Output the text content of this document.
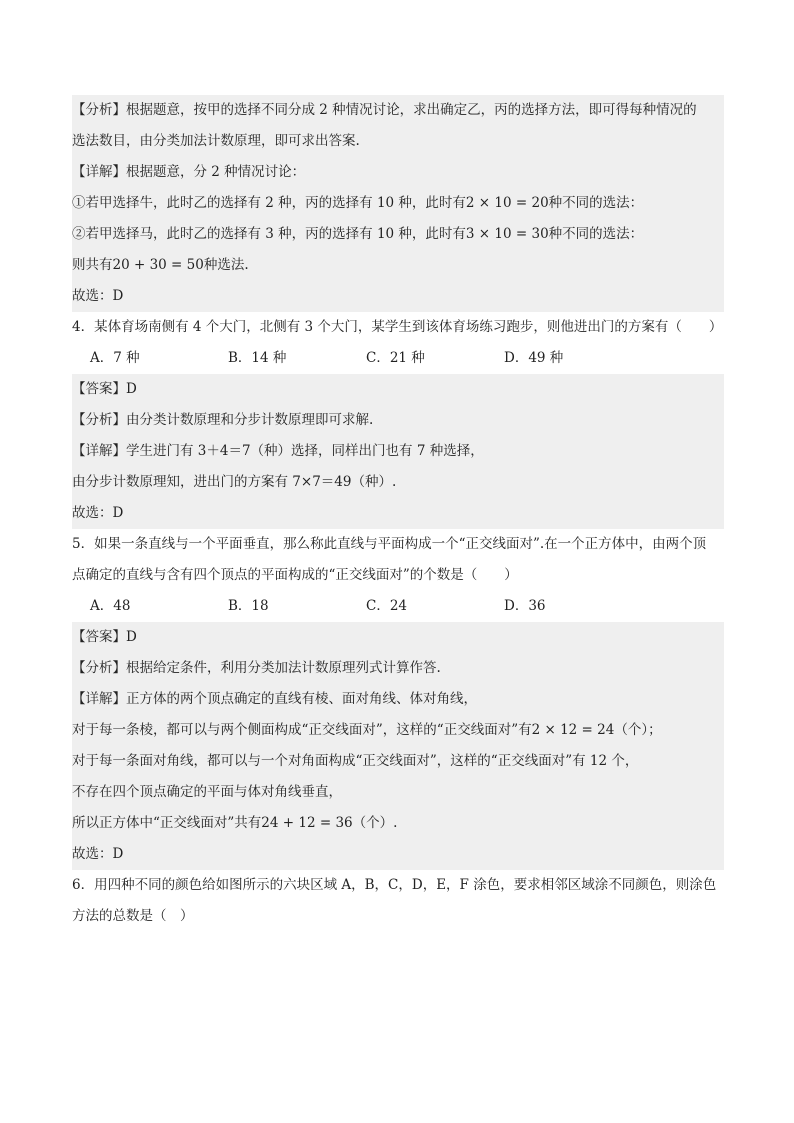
【分析】根据题意，按甲的选择不同分成 2 种情况讨论，求出确定乙，丙的选择方法，即可得每种情况的
选法数目，由分类加法计数原理，即可求出答案.
【详解】根据题意，分 2 种情况讨论：
①若甲选择牛，此时乙的选择有 2 种，丙的选择有 10 种，此时有2 × 10 = 20种不同的选法：
②若甲选择马，此时乙的选择有 3 种，丙的选择有 10 种，此时有3 × 10 = 30种不同的选法：
则共有20 + 30 = 50种选法.
故选：D
4．某体育场南侧有 4 个大门，北侧有 3 个大门，某学生到该体育场练习跑步，则他进出门的方案有（　　）
A．7 种	B．14 种	C．21 种	D．49 种
【答案】D
【分析】由分类计数原理和分步计数原理即可求解.
【详解】学生进门有 3＋4＝7（种）选择，同样出门也有 7 种选择，
由分步计数原理知，进出门的方案有 7×7＝49（种）.
故选：D
5．如果一条直线与一个平面垂直，那么称此直线与平面构成一个“正交线面对”.在一个正方体中，由两个顶
点确定的直线与含有四个顶点的平面构成的“正交线面对”的个数是（　　）
A．48	B．18	C．24	D．36
【答案】D
【分析】根据给定条件，利用分类加法计数原理列式计算作答.
【详解】正方体的两个顶点确定的直线有棱、面对角线、体对角线，
对于每一条棱，都可以与两个侧面构成“正交线面对”，这样的“正交线面对”有2 × 12 = 24（个）；
对于每一条面对角线，都可以与一个对角面构成“正交线面对”，这样的“正交线面对”有 12 个，
不存在四个顶点确定的平面与体对角线垂直，
所以正方体中“正交线面对”共有24 + 12 = 36（个）.
故选：D
6．用四种不同的颜色给如图所示的六块区域 A，B，C，D，E，F 涂色，要求相邻区域涂不同颜色，则涂色
方法的总数是（　）
